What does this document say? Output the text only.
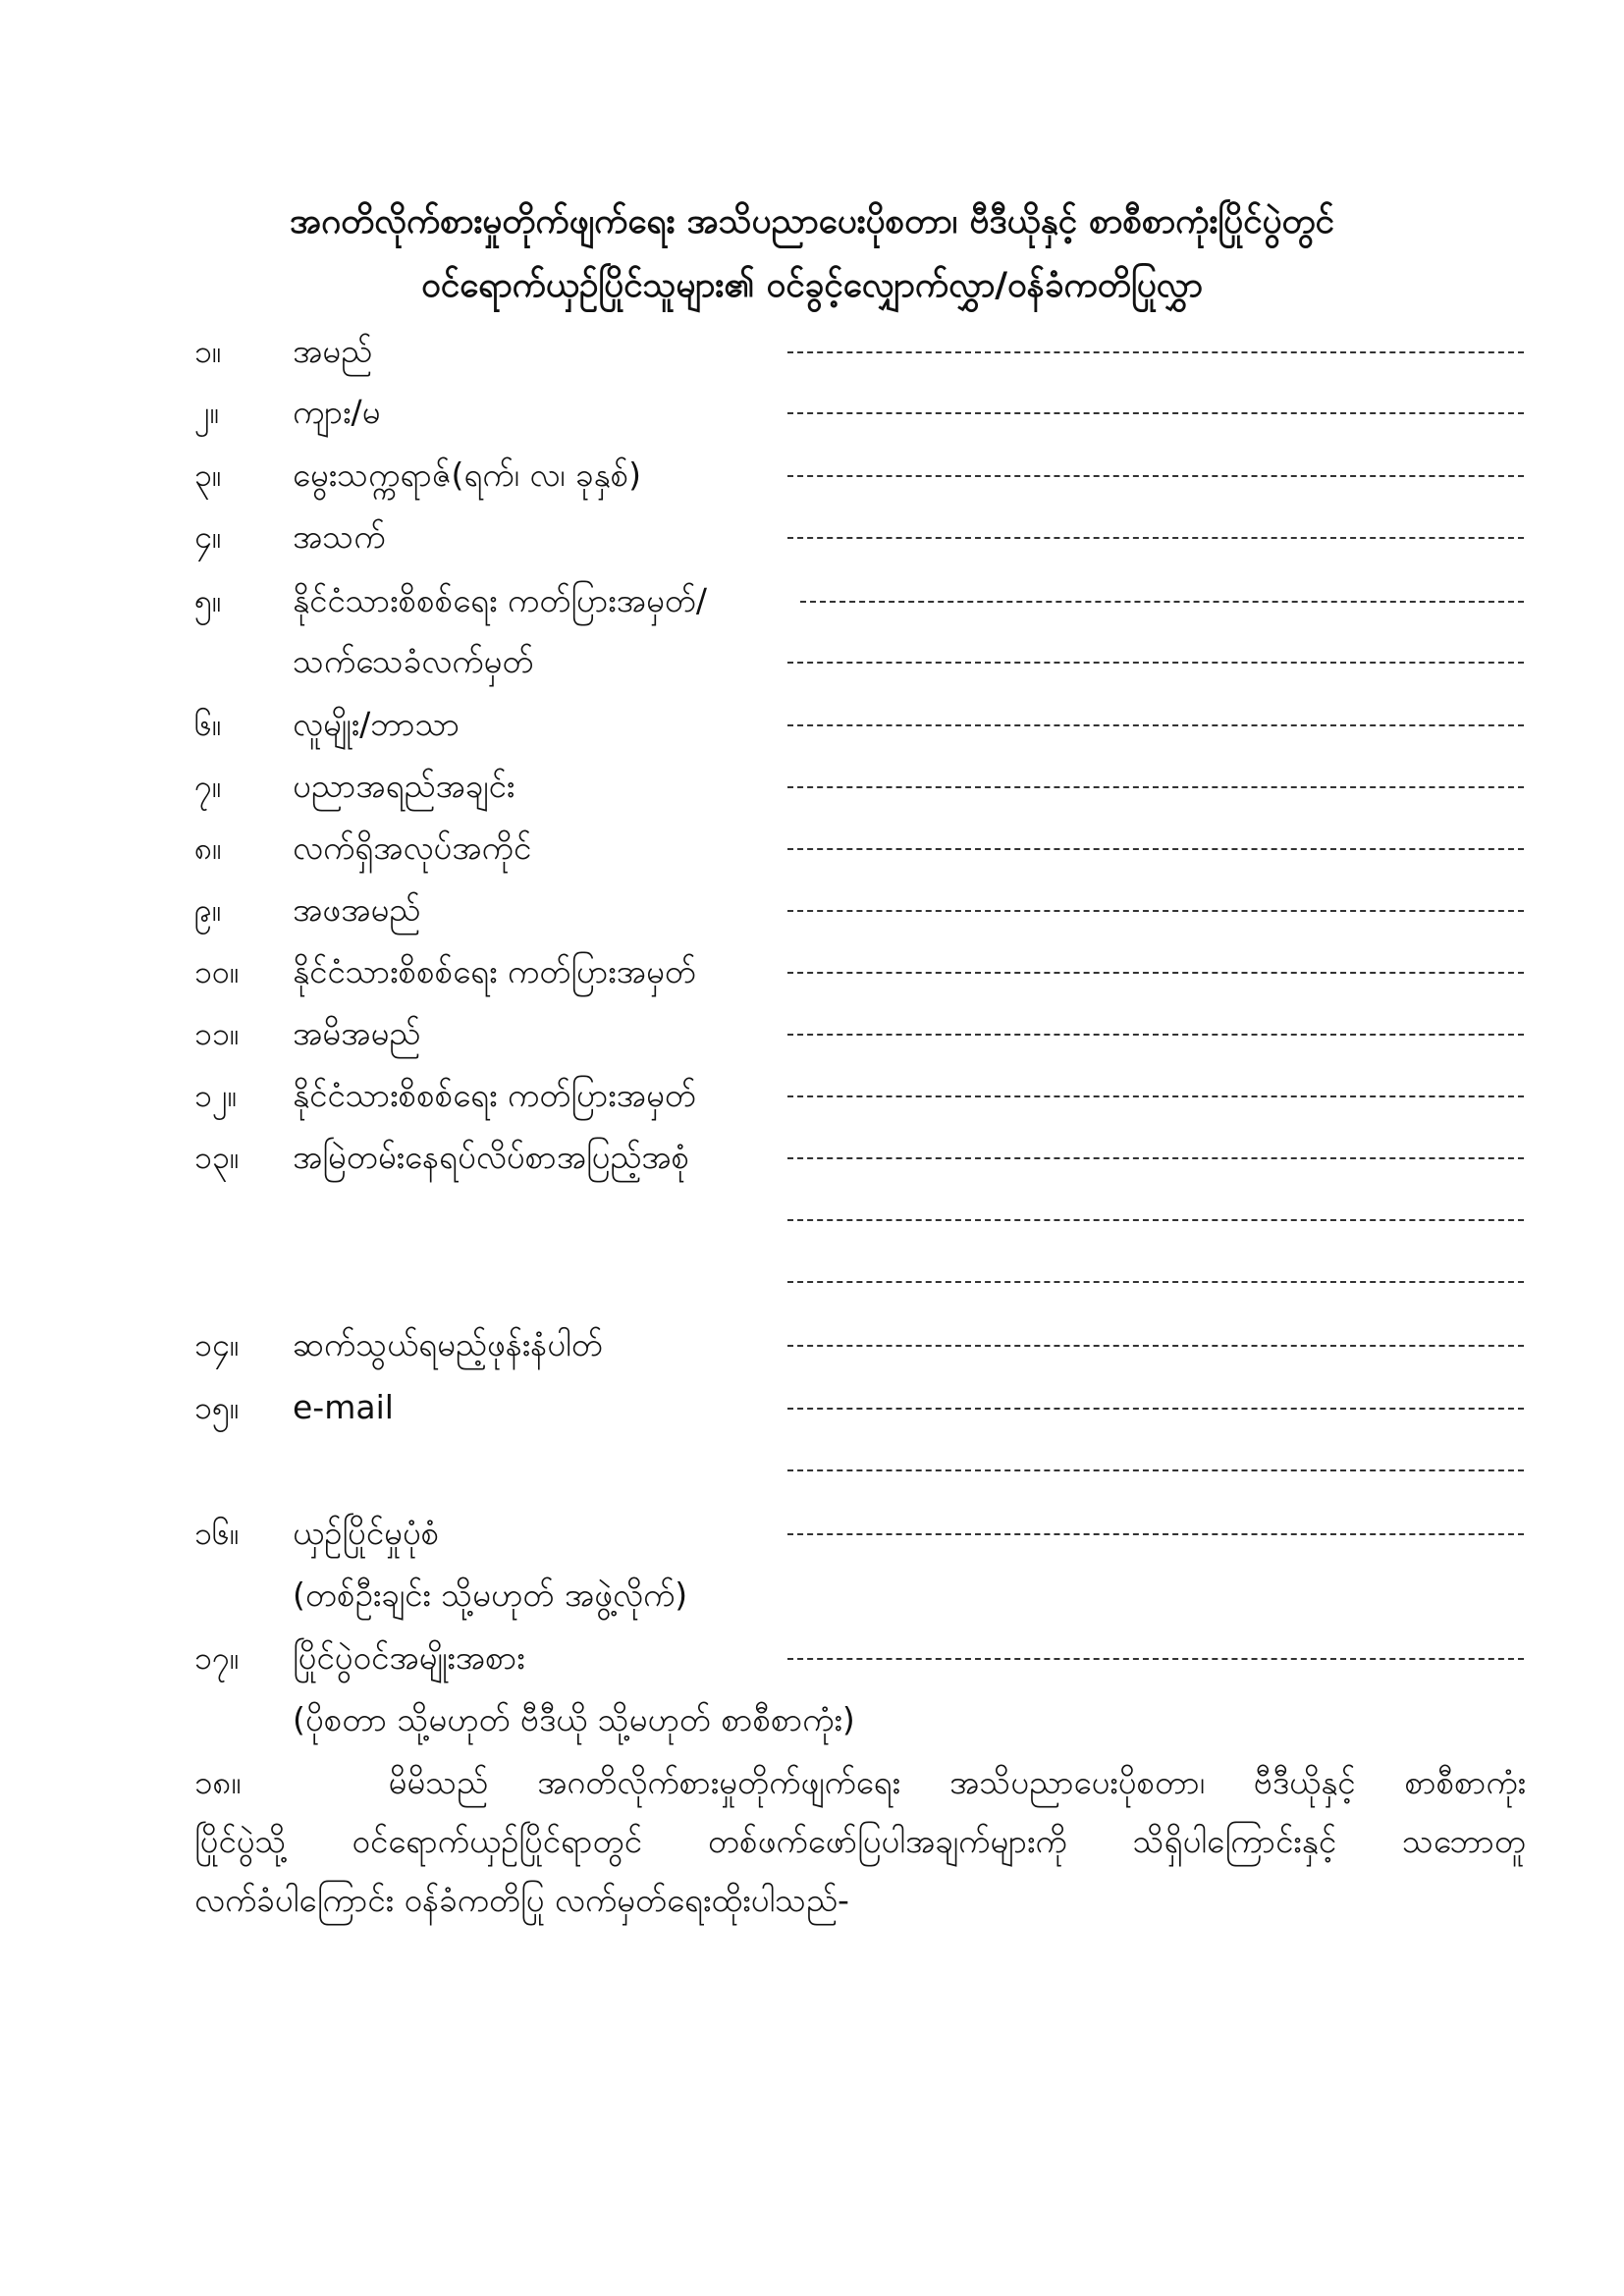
အဂတိလိုက်စားမှုတိုက်ဖျက်ရေး အသိပညာပေးပိုစတာ၊ ဗီဒီယိုနှင့် စာစီစာကုံးပြိုင်ပွဲတွင်
ဝင်ရောက်ယှဉ်ပြိုင်သူများ၏ ဝင်ခွင့်လျှောက်လွှာ/ဝန်ခံကတိပြုလွှာ
၁။	အမည်
၂။	ကျား/မ
၃။	မွေးသက္ကရာဇ်(ရက်၊ လ၊ ခုနှစ်)
၄။	အသက်
၅။	နိုင်ငံသားစိစစ်ရေး ကတ်ပြားအမှတ်/
သက်သေခံလက်မှတ်
၆။	လူမျိုး/ဘာသာ
၇။	ပညာအရည်အချင်း
၈။	လက်ရှိအလုပ်အကိုင်
၉။	အဖအမည်
၁၀။	နိုင်ငံသားစိစစ်ရေး ကတ်ပြားအမှတ်
၁၁။	အမိအမည်
၁၂။	နိုင်ငံသားစိစစ်ရေး ကတ်ပြားအမှတ်
၁၃။	အမြဲတမ်းနေရပ်လိပ်စာအပြည့်အစုံ
၁၄။	ဆက်သွယ်ရမည့်ဖုန်းနံပါတ်
၁၅။	e-mail
၁၆။	ယှဉ်ပြိုင်မှုပုံစံ
(တစ်ဦးချင်း သို့မဟုတ် အဖွဲ့လိုက်)
၁၇။	ပြိုင်ပွဲဝင်အမျိုးအစား
(ပိုစတာ သို့မဟုတ် ဗီဒီယို သို့မဟုတ် စာစီစာကုံး)
၁၈။	မိမိသည် အဂတိလိုက်စားမှုတိုက်ဖျက်ရေး အသိပညာပေးပိုစတာ၊ ဗီဒီယိုနှင့် စာစီစာကုံး
ပြိုင်ပွဲသို့ ဝင်ရောက်ယှဉ်ပြိုင်ရာတွင် တစ်ဖက်ဖော်ပြပါအချက်များကို သိရှိပါကြောင်းနှင့် သဘောတူ
လက်ခံပါကြောင်း ဝန်ခံကတိပြု လက်မှတ်ရေးထိုးပါသည်-
